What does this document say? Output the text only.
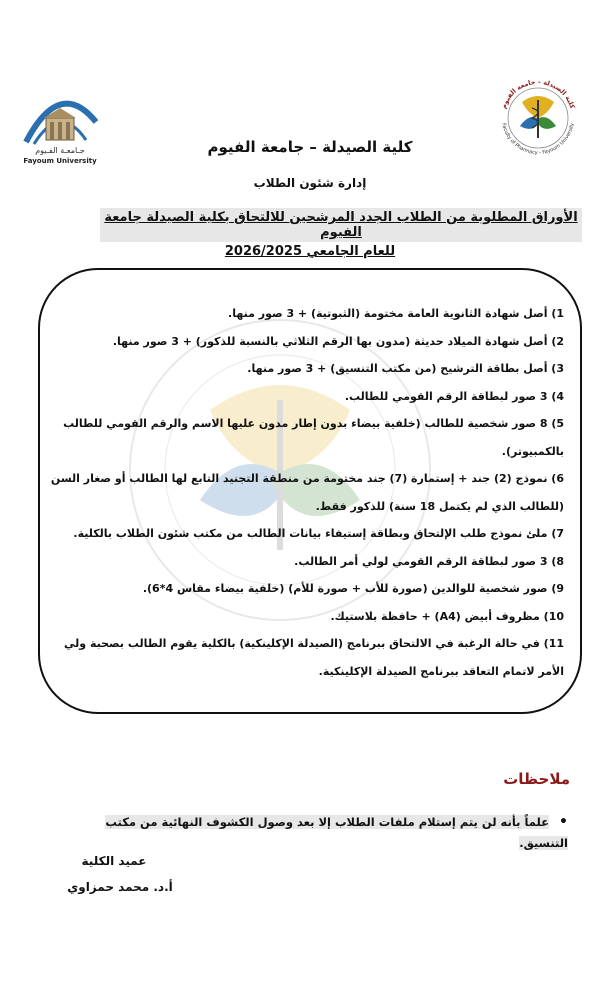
جـامعـة الفـيوم
Fayoum University
كلية الصيدلة - جامعة الفيوم
Faculty of Pharmacy - Fayoum University
كلية الصيدلة – جامعة الفيوم
إدارة شئون الطلاب
الأوراق المطلوبة من الطلاب الجدد المرشحين للالتحاق بكلية الصيدلة جامعة الفيوم
للعام الجامعي 2026/2025

1) أصل شهادة الثانوية العامة مختومة (الثبوتية) + 3 صور منها.

2) أصل شهادة الميلاد حديثة (مدون بها الرقم الثلاثي بالنسبة للذكور) + 3 صور منها.

3) أصل بطاقة الترشيح (من مكتب التنسيق) + 3 صور منها.

4) 3 صور لبطاقة الرقم القومي للطالب.

5) 8 صور شخصية للطالب (خلفية بيضاء بدون إطار مدون عليها الاسم والرقم القومي للطالب بالكمبيوتر).

6) نموذج (2) جند + إستمارة (7) جند مختومة من منطقة التجنيد التابع لها الطالب أو صغار السن (للطالب الذي لم يكتمل 18 سنة) للذكور فقط.

7) ملئ نموذج طلب الإلتحاق وبطاقة إستيفاء بيانات الطالب من مكتب شئون الطلاب بالكلية.

8) 3 صور لبطاقة الرقم القومي لولي أمر الطالب.

9) صور شخصية للوالدين (صورة للأب + صورة للأم) (خلفية بيضاء مقاس 4*6).

10) مظروف أبيض (A4) + حافظة بلاستيك.

11) في حالة الرغبة في الالتحاق ببرنامج (الصيدلة الإكلينكية) بالكلية يقوم الطالب بصحبة ولي الأمر لاتمام التعاقد ببرنامج الصيدلة الإكلينكية.

ملاحظات
•علماً بأنه لن يتم إستلام ملفات الطلاب إلا بعد وصول الكشوف النهائية من مكتب التنسيق.
عميد الكلية
أ.د. محمد حمزاوي
